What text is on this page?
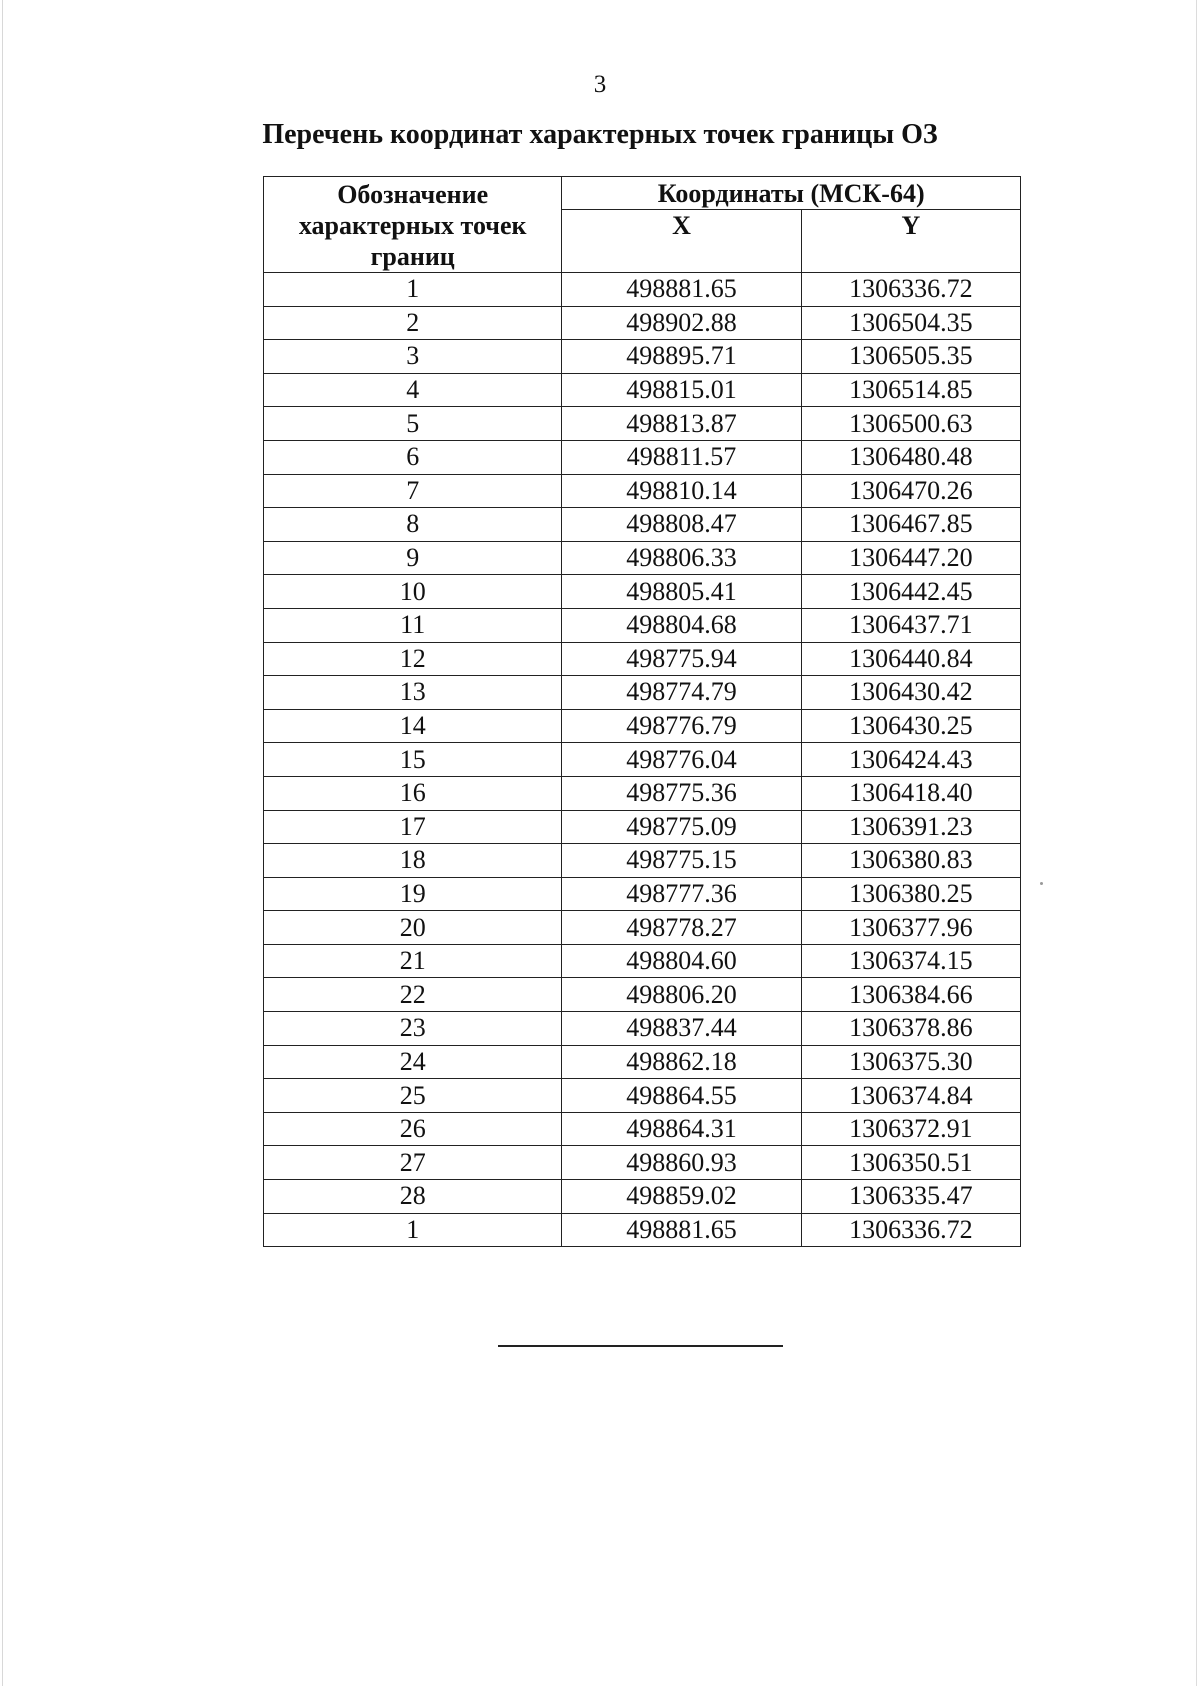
3
Перечень координат характерных точек границы ОЗ
Обозначение характерных точек границ	Координаты (МСК-64)	
	X	Y
1	498881.65	1306336.72
2	498902.88	1306504.35
3	498895.71	1306505.35
4	498815.01	1306514.85
5	498813.87	1306500.63
6	498811.57	1306480.48
7	498810.14	1306470.26
8	498808.47	1306467.85
9	498806.33	1306447.20
10	498805.41	1306442.45
11	498804.68	1306437.71
12	498775.94	1306440.84
13	498774.79	1306430.42
14	498776.79	1306430.25
15	498776.04	1306424.43
16	498775.36	1306418.40
17	498775.09	1306391.23
18	498775.15	1306380.83
19	498777.36	1306380.25
20	498778.27	1306377.96
21	498804.60	1306374.15
22	498806.20	1306384.66
23	498837.44	1306378.86
24	498862.18	1306375.30
25	498864.55	1306374.84
26	498864.31	1306372.91
27	498860.93	1306350.51
28	498859.02	1306335.47
1	498881.65	1306336.72
